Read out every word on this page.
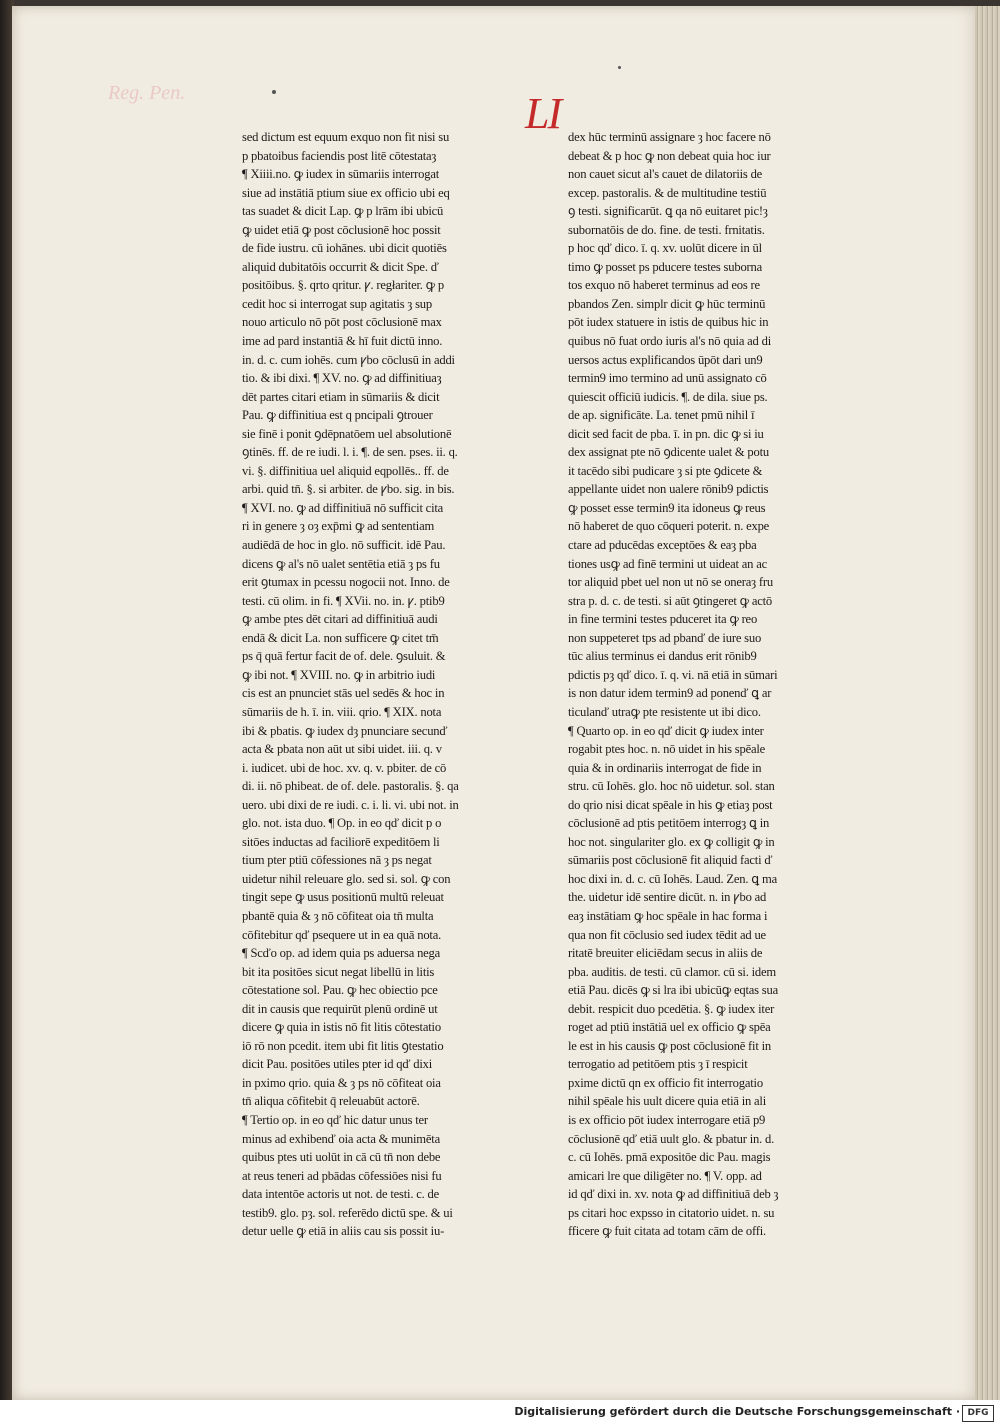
Reg. Pen.	LI
sed dictum est equum exquo non fit nisi su
p pbatoibus faciendis post litē cōtestataȝ
¶ Xiiii.no. ꝙ iudex in sūmariis interrogat
siue ad instātiā ptium siue ex officio ubi eq
tas suadet & dicit Lap. ꝙ p lrām ibi ubicū
ꝙ uidet etiā ꝙ post cōclusionē hoc possit
de fide iustru. cū iohānes. ubi dicit quotiēs
aliquid dubitatōis occurrit & dicit Spe. ď
positōibus. §. qrto qritur. ꝩ. regłariter. ꝙ p
cedit hoc si interrogat sup agitatis ȝ sup
nouo articulo nō pōt post cōclusionē max
ime ad pard instantiā & hī fuit dictū inno.
in. d. c. cum iohēs. cum ꝩbo cōclusū in addi
tio. & ibi dixi. ¶ XV. no. ꝙ ad diffinitiuaȝ
dēt partes citari etiam in sūmariis & dicit
Pau. ꝙ diffinitiua est q pncipali ꝯtrouer
sie finē i ponit ꝯdēpnatōem uel absolutionē
ꝯtinēs. ff. de re iudi. l. i. ¶. de sen. pses. ii. q.
vi. §. diffinitiua uel aliquid eqpollēs.. ff. de
arbi. quid tn̄. §. si arbiter. de ꝩbo. sig. in bis.
¶ XVI. no. ꝙ ad diffinitiuā nō sufficit cita
ri in genere ȝ oȝ exp̄mi ꝙ ad sententiam
audiēdā de hoc in glo. nō sufficit. idē Pau.
dicens ꝙ al's nō ualet sentētia etiā ȝ ps fu
erit ꝯtumax in pcessu nogocii not. Inno. de
testi. cū olim. in fi. ¶ XVii. no. in. ꝩ. ptib9
ꝙ ambe ptes dēt citari ad diffinitiuā audi
endā & dicit La. non sufficere ꝙ citet tm̄
ps q̄ quā fertur facit de of. dele. ꝯsuluit. &
ꝙ ibi not. ¶ XVIII. no. ꝙ in arbitrio iudi
cis est an pnunciet stās uel sedēs & hoc in
sūmariis de h. ī. in. viii. qrio. ¶ XIX. nota
ibi & pbatis. ꝙ iudex dȝ pnunciare secunď
acta & pbata non aūt ut sibi uidet. iii. q. v
i. iudicet. ubi de hoc. xv. q. v. pbiter. de cō
di. ii. nō phibeat. de of. dele. pastoralis. §. qa
uero. ubi dixi de re iudi. c. i. li. vi. ubi not. in
glo. not. ista duo. ¶ Op. in eo qď dicit p o
sitōes inductas ad faciliorē expeditōem li
tium pter ptiū cōfessiones nā ȝ ps negat
uidetur nihil releuare glo. sed si. sol. ꝙ con
tingit sepe ꝙ usus positionū multū releuat
pbantē quia & ȝ nō cōfiteat oia tn̄ multa
cōfitebitur qď psequere ut in ea quā nota.
¶ Scďo op. ad idem quia ps aduersa nega
bit ita positōes sicut negat libellū in litis
cōtestatione sol. Pau. ꝙ hec obiectio pce
dit in causis que requirūt plenū ordinē ut
dicere ꝙ quia in istis nō fit litis cōtestatio
iō rō non pcedit. item ubi fit litis ꝯtestatio
dicit Pau. positōes utiles pter id qď dixi
in pximo qrio. quia & ȝ ps nō cōfiteat oia
tn̄ aliqua cōfitebit q̄ releuabūt actorē.
¶ Tertio op. in eo qď hic datur unus ter
minus ad exhibenď oia acta & munimēta
quibus ptes uti uolūt in cā cū tn̄ non debe
at reus teneri ad pbādas cōfessiōes nisi fu
data intentōe actoris ut not. de testi. c. de
testib9. glo. pȝ. sol. referēdo dictū spe. & ui
detur uelle ꝙ etiā in aliis cau sis possit iu-
dex hūc terminū assignare ȝ hoc facere nō
debeat & p hoc ꝙ non debeat quia hoc iur
non cauet sicut al's cauet de dilatoriis de
excep. pastoralis. & de multitudine testiū
ꝯ testi. significarūt. ꝗ qa nō euitaret pic!ȝ
subornatōis de do. fine. de testi. frnitatis.
p hoc qď dico. ī. q. xv. uolūt dicere in ūl
timo ꝙ posset ps pducere testes suborna
tos exquo nō haberet terminus ad eos re
pbandos Zen. simplr dicit ꝙ hūc terminū
pōt iudex statuere in istis de quibus hic in
quibus nō fuat ordo iuris al's nō quia ad di
uersos actus explificandos ūpōt dari un9
termin9 imo termino ad unū assignato cō
quiescit officiū iudicis. ¶. de dila. siue ps.
de ap. significāte. La. tenet pmū nihil ī
dicit sed facit de pba. ī. in pn. dic ꝙ si iu
dex assignat pte nō ꝯdicente ualet & potu
it tacēdo sibi pudicare ȝ si pte ꝯdicete &
appellante uidet non ualere rōnib9 pdictis
ꝙ posset esse termin9 ita idoneus ꝙ reus
nō haberet de quo cōqueri poterit. n. expe
ctare ad pducēdas exceptōes & eaȝ pba
tiones usꝙ ad finē termini ut uideat an ac
tor aliquid pbet uel non ut nō se oneraȝ fru
stra p. d. c. de testi. si aūt ꝯtingeret ꝙ actō
in fine termini testes pduceret ita ꝙ reo
non suppeteret tps ad pbanď de iure suo
tūc alius terminus ei dandus erit rōnib9
pdictis pȝ qď dico. ī. q. vi. nā etiā in sūmari
is non datur idem termin9 ad ponenď ꝗ ar
ticulanď utraꝙ pte resistente ut ibi dico.
¶ Quarto op. in eo qď dicit ꝙ iudex inter
rogabit ptes hoc. n. nō uidet in his spēale
quia & in ordinariis interrogat de fide in
stru. cū Iohēs. glo. hoc nō uidetur. sol. stan
do qrio nisi dicat spēale in his ꝙ etiaȝ post
cōclusionē ad ptis petitōem interrogȝ ꝗ in
hoc not. singulariter glo. ex ꝙ colligit ꝙ in
sūmariis post cōclusionē fit aliquid facti ď
hoc dixi in. d. c. cū Iohēs. Laud. Zen. ꝗ ma
the. uidetur idē sentire dicūt. n. in ꝩbo ad
eaȝ instātiam ꝙ hoc spēale in hac forma i
qua non fit cōclusio sed iudex tēdit ad ue
ritatē breuiter eliciēdam secus in aliis de
pba. auditis. de testi. cū clamor. cū si. idem
etiā Pau. dicēs ꝙ si lra ibi ubicūꝙ eqtas sua
debit. respicit duo pcedētia. §. ꝙ iudex iter
roget ad ptiū instātiā uel ex officio ꝙ spēa
le est in his causis ꝙ post cōclusionē fit in
terrogatio ad petitōem ptis ȝ ī respicit
pxime dictū qn ex officio fit interrogatio
nihil spēale his uult dicere quia etiā in ali
is ex officio pōt iudex interrogare etiā p9
cōclusionē qď etiā uult glo. & pbatur in. d.
c. cū Iohēs. pmā expositōe dic Pau. magis
amicari lre que diligēter no. ¶ V. opp. ad
id qď dixi in. xv. nota ꝙ ad diffinitiuā deb ȝ
ps citari hoc expsso in citatorio uidet. n. su
fficere ꝙ fuit citata ad totam cām de offi.
Digitalisierung gefördert durch die Deutsche Forschungsgemeinschaft · DFG
